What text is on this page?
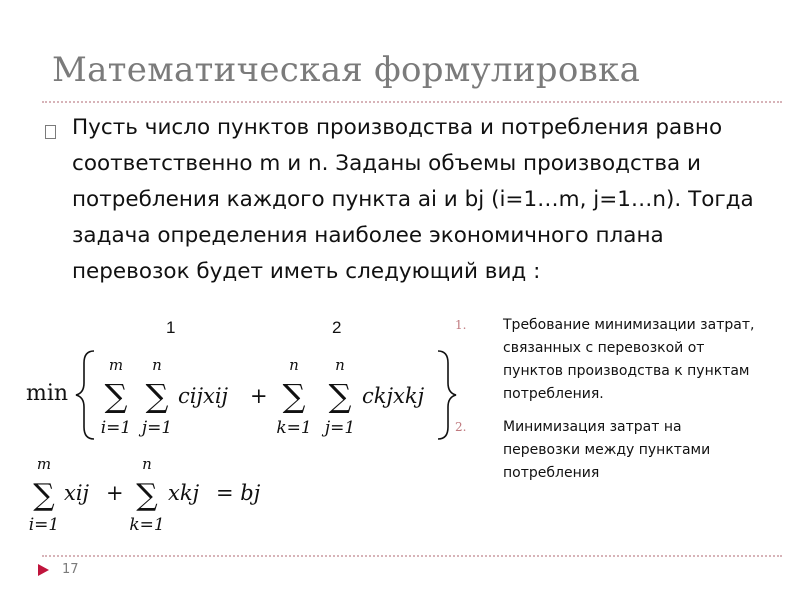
Математическая формулировка
Пусть число пунктов производства и потребления равно соответственно m и n. Заданы объемы производства и потребления каждого пункта ai и bj (i=1…m, j=1…n). Тогда задача определения наиболее экономичного плана перевозок будет иметь следующий вид :
1	2
min
m
∑
i=1
n
∑
j=1
cijxij +
n
∑
k=1
n
∑
j=1
ckjxkj
m
∑
i=1
xij +
n
∑
k=1
xkj = bj
1.	Требование минимизации затрат, связанных с перевозкой от пунктов производства к пунктам потребления.
2.	Минимизация затрат на перевозки между пунктами потребления
17
